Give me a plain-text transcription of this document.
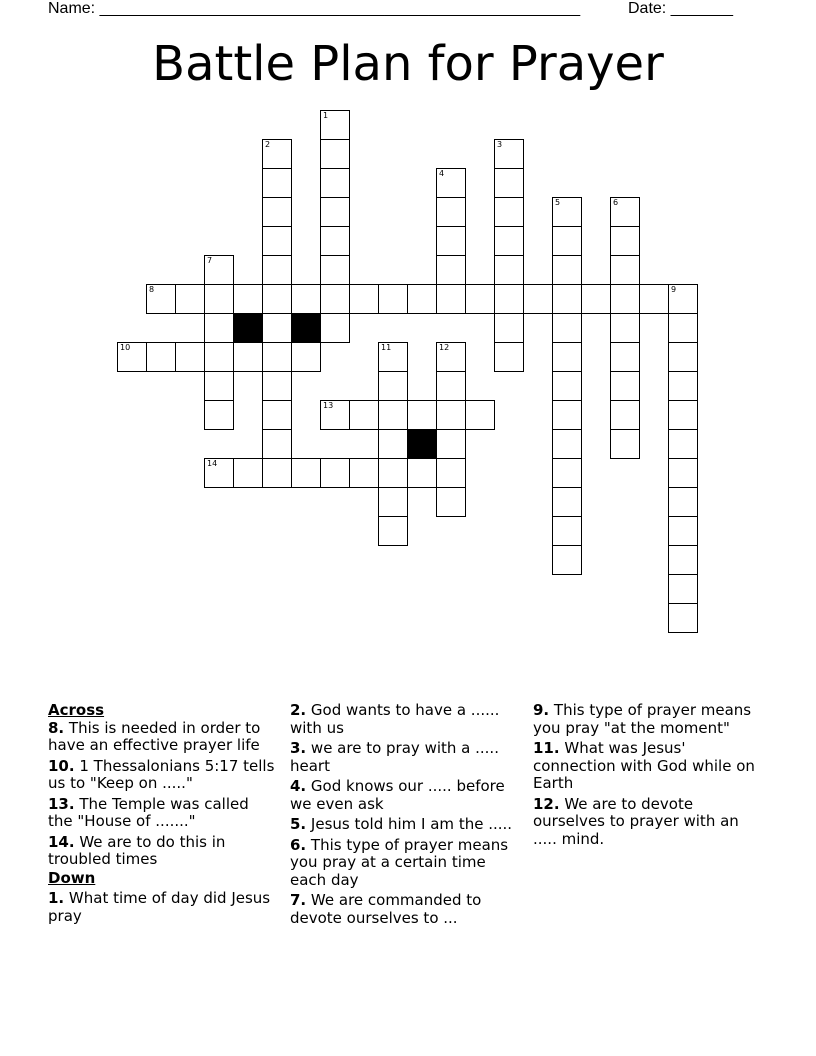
Name: ______________________________________________________	Date: _______
Battle Plan for Prayer
1
2	3
4
5	6
7
9
11	12
8
10
13
14
Across
8. This is needed in order to have an effective prayer life
10. 1 Thessalonians 5:17 tells us to "Keep on ....."
13. The Temple was called the "House of ......."
14. We are to do this in troubled times
Down
1. What time of day did Jesus pray
2. God wants to have a ...... with us
3. we are to pray with a ..... heart
4. God knows our ..... before we even ask
5. Jesus told him I am the .....
6. This type of prayer means you pray at a certain time each day
7. We are commanded to devote ourselves to ...
9. This type of prayer means you pray "at the moment"
11. What was Jesus' connection with God while on Earth
12. We are to devote ourselves to prayer with an ..... mind.
